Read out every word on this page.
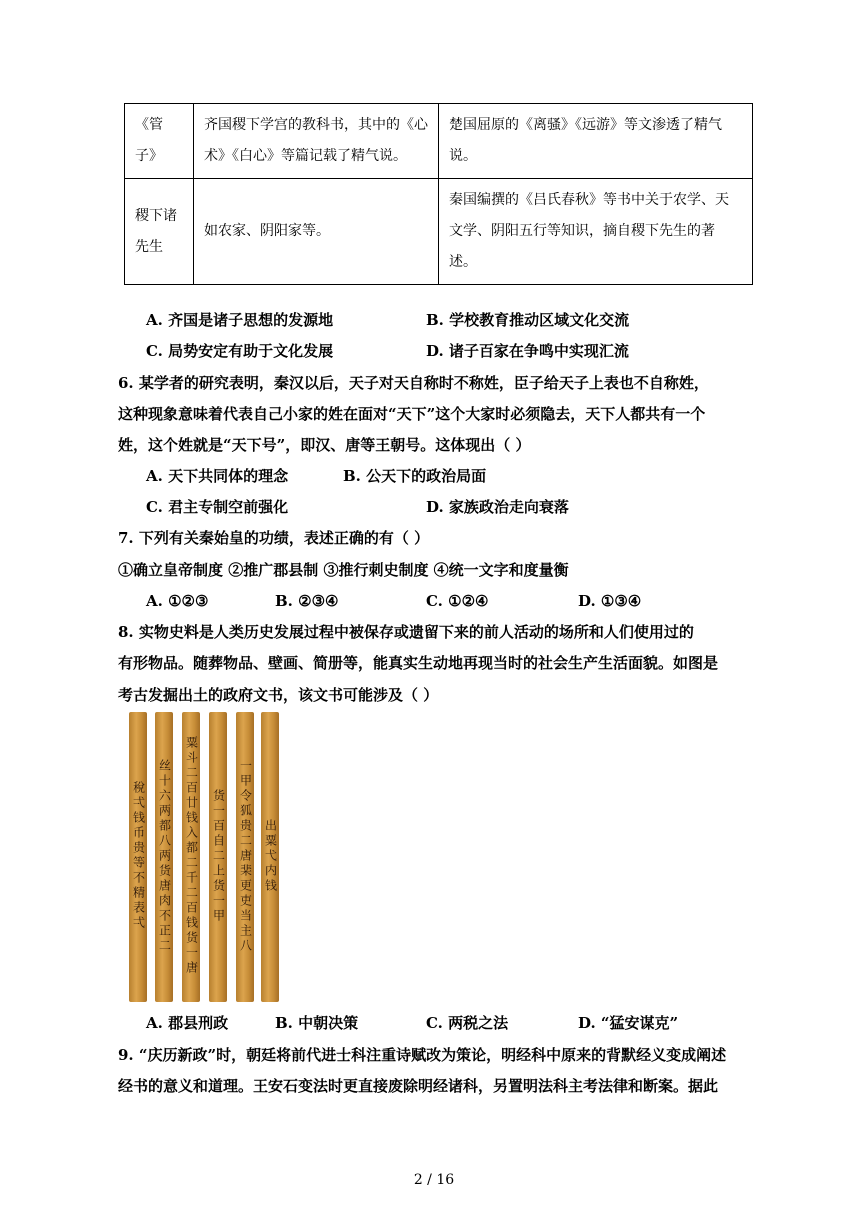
《管子》	齐国稷下学宫的教科书，其中的《心术》《白心》等篇记载了精气说。	楚国屈原的《离骚》《远游》等文渗透了精气说。
稷下诸先生	如农家、阴阳家等。	秦国编撰的《吕氏春秋》等书中关于农学、天文学、阴阳五行等知识，摘自稷下先生的著述。
A. 齐国是诸子思想的发源地	B. 学校教育推动区域文化交流
C. 局势安定有助于文化发展	D. 诸子百家在争鸣中实现汇流
6. 某学者的研究表明，秦汉以后，天子对天自称时不称姓，臣子给天子上表也不自称姓，
这种现象意味着代表自己小家的姓在面对“天下”这个大家时必须隐去，天下人都共有一个
姓，这个姓就是“天下号”，即汉、唐等王朝号。这体现出（ ）
A. 天下共同体的理念	B. 公天下的政治局面
C. 君主专制空前强化	D. 家族政治走向衰落
7. 下列有关秦始皇的功绩，表述正确的有（ ）
①确立皇帝制度 ②推广郡县制 ③推行刺史制度 ④统一文字和度量衡
A. ①②③	B. ②③④	C. ①②④	D. ①③④
8. 实物史料是人类历史发展过程中被保存或遗留下来的前人活动的场所和人们使用过的
有形物品。随葬物品、壁画、简册等，能真实生动地再现当时的社会生产生活面貌。如图是
考古发掘出土的政府文书，该文书可能涉及（ ）
稅弌钱币贵等不精表弌 丝十六两都八两货唐肉不正二 粟斗二百廿钱入都二千二百钱货一唐 货一百自二上货一甲 一甲令狐贵二唐棐更吏当主八 出粟弋内钱
A. 郡县刑政	B. 中朝决策	C. 两税之法	D. “猛安谋克”
9. “庆历新政”时，朝廷将前代进士科注重诗赋改为策论，明经科中原来的背默经义变成阐述
经书的意义和道理。王安石变法时更直接废除明经诸科，另置明法科主考法律和断案。据此
2 / 16
